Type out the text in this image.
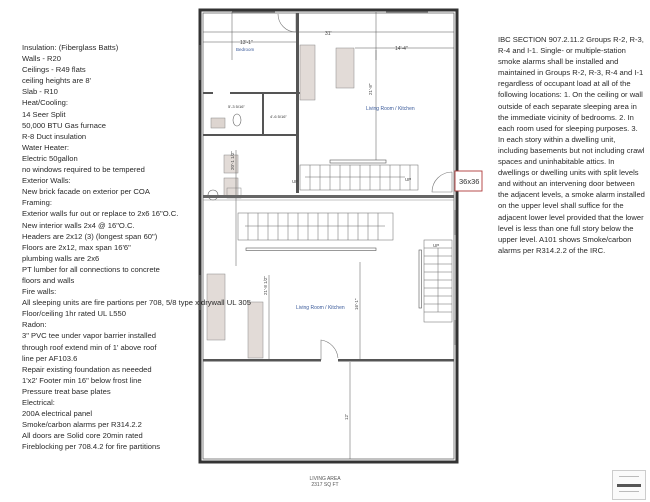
31'
13'-1"
Bedroom	14'-4"
5'-3 5/16"
4'-6 5/16"
21'-8"
20'-1 1/2"
Living Room / Kitchen
UP
UP	36x36
UP
21'-8 1/2"
16'-1"
Living Room / Kitchen
12'
Insulation: (Fiberglass Batts)
Walls - R20
Ceilings - R49 flats
ceiling heights are 8'
Slab - R10
Heat/Cooling:
14 Seer Split
50,000 BTU Gas furnace
R-8 Duct insulation
Water Heater:
Electric 50gallon
no windows required to be tempered
Exterior Walls:
New brick facade on exterior per COA
Framing:
Exterior walls fur out or replace to 2x6 16"O.C.
New interior walls 2x4 @ 16"O.C.
Headers are 2x12 (3) (longest span 60")
Floors are 2x12, max span 16'6"
plumbing walls are 2x6
PT lumber for all connections to concrete
floors and walls
Fire walls:
All sleeping units are fire partions per 708, 5/8 type x drywall UL 305
Floor/ceiling 1hr rated UL L550
Radon:
3" PVC tee under vapor barrier installed
through roof extend min of 1' above roof
line per AF103.6
Repair existing foundation as neeeded
1'x2' Footer min 16" below frost line
Pressure treat base plates
Electrical:
200A electrical panel
Smoke/carbon alarms per R314.2.2
All doors are Solid core 20min rated
Fireblocking per 708.4.2 for fire partitions
IBC SECTION 907.2.11.2 Groups R-2, R-3, R-4 and I-1. Single- or multiple-station smoke alarms shall be installed and maintained in Groups R-2, R-3, R-4 and I-1 regardless of occupant load at all of the following locations: 1. On the ceiling or wall outside of each separate sleeping area in the immediate vicinity of bedrooms. 2. In each room used for sleeping purposes. 3. In each story within a dwelling unit, including basements but not including crawl spaces and uninhabitable attics. In dwellings or dwelling units with split levels and without an intervening door between the adjacent levels, a smoke alarm installed on the upper level shall suffice for the adjacent lower level provided that the lower level is less than one full story below the upper level. A101 shows Smoke/carbon alarms per R314.2.2 of the IRC.
LIVING AREA
2317 SQ FT
